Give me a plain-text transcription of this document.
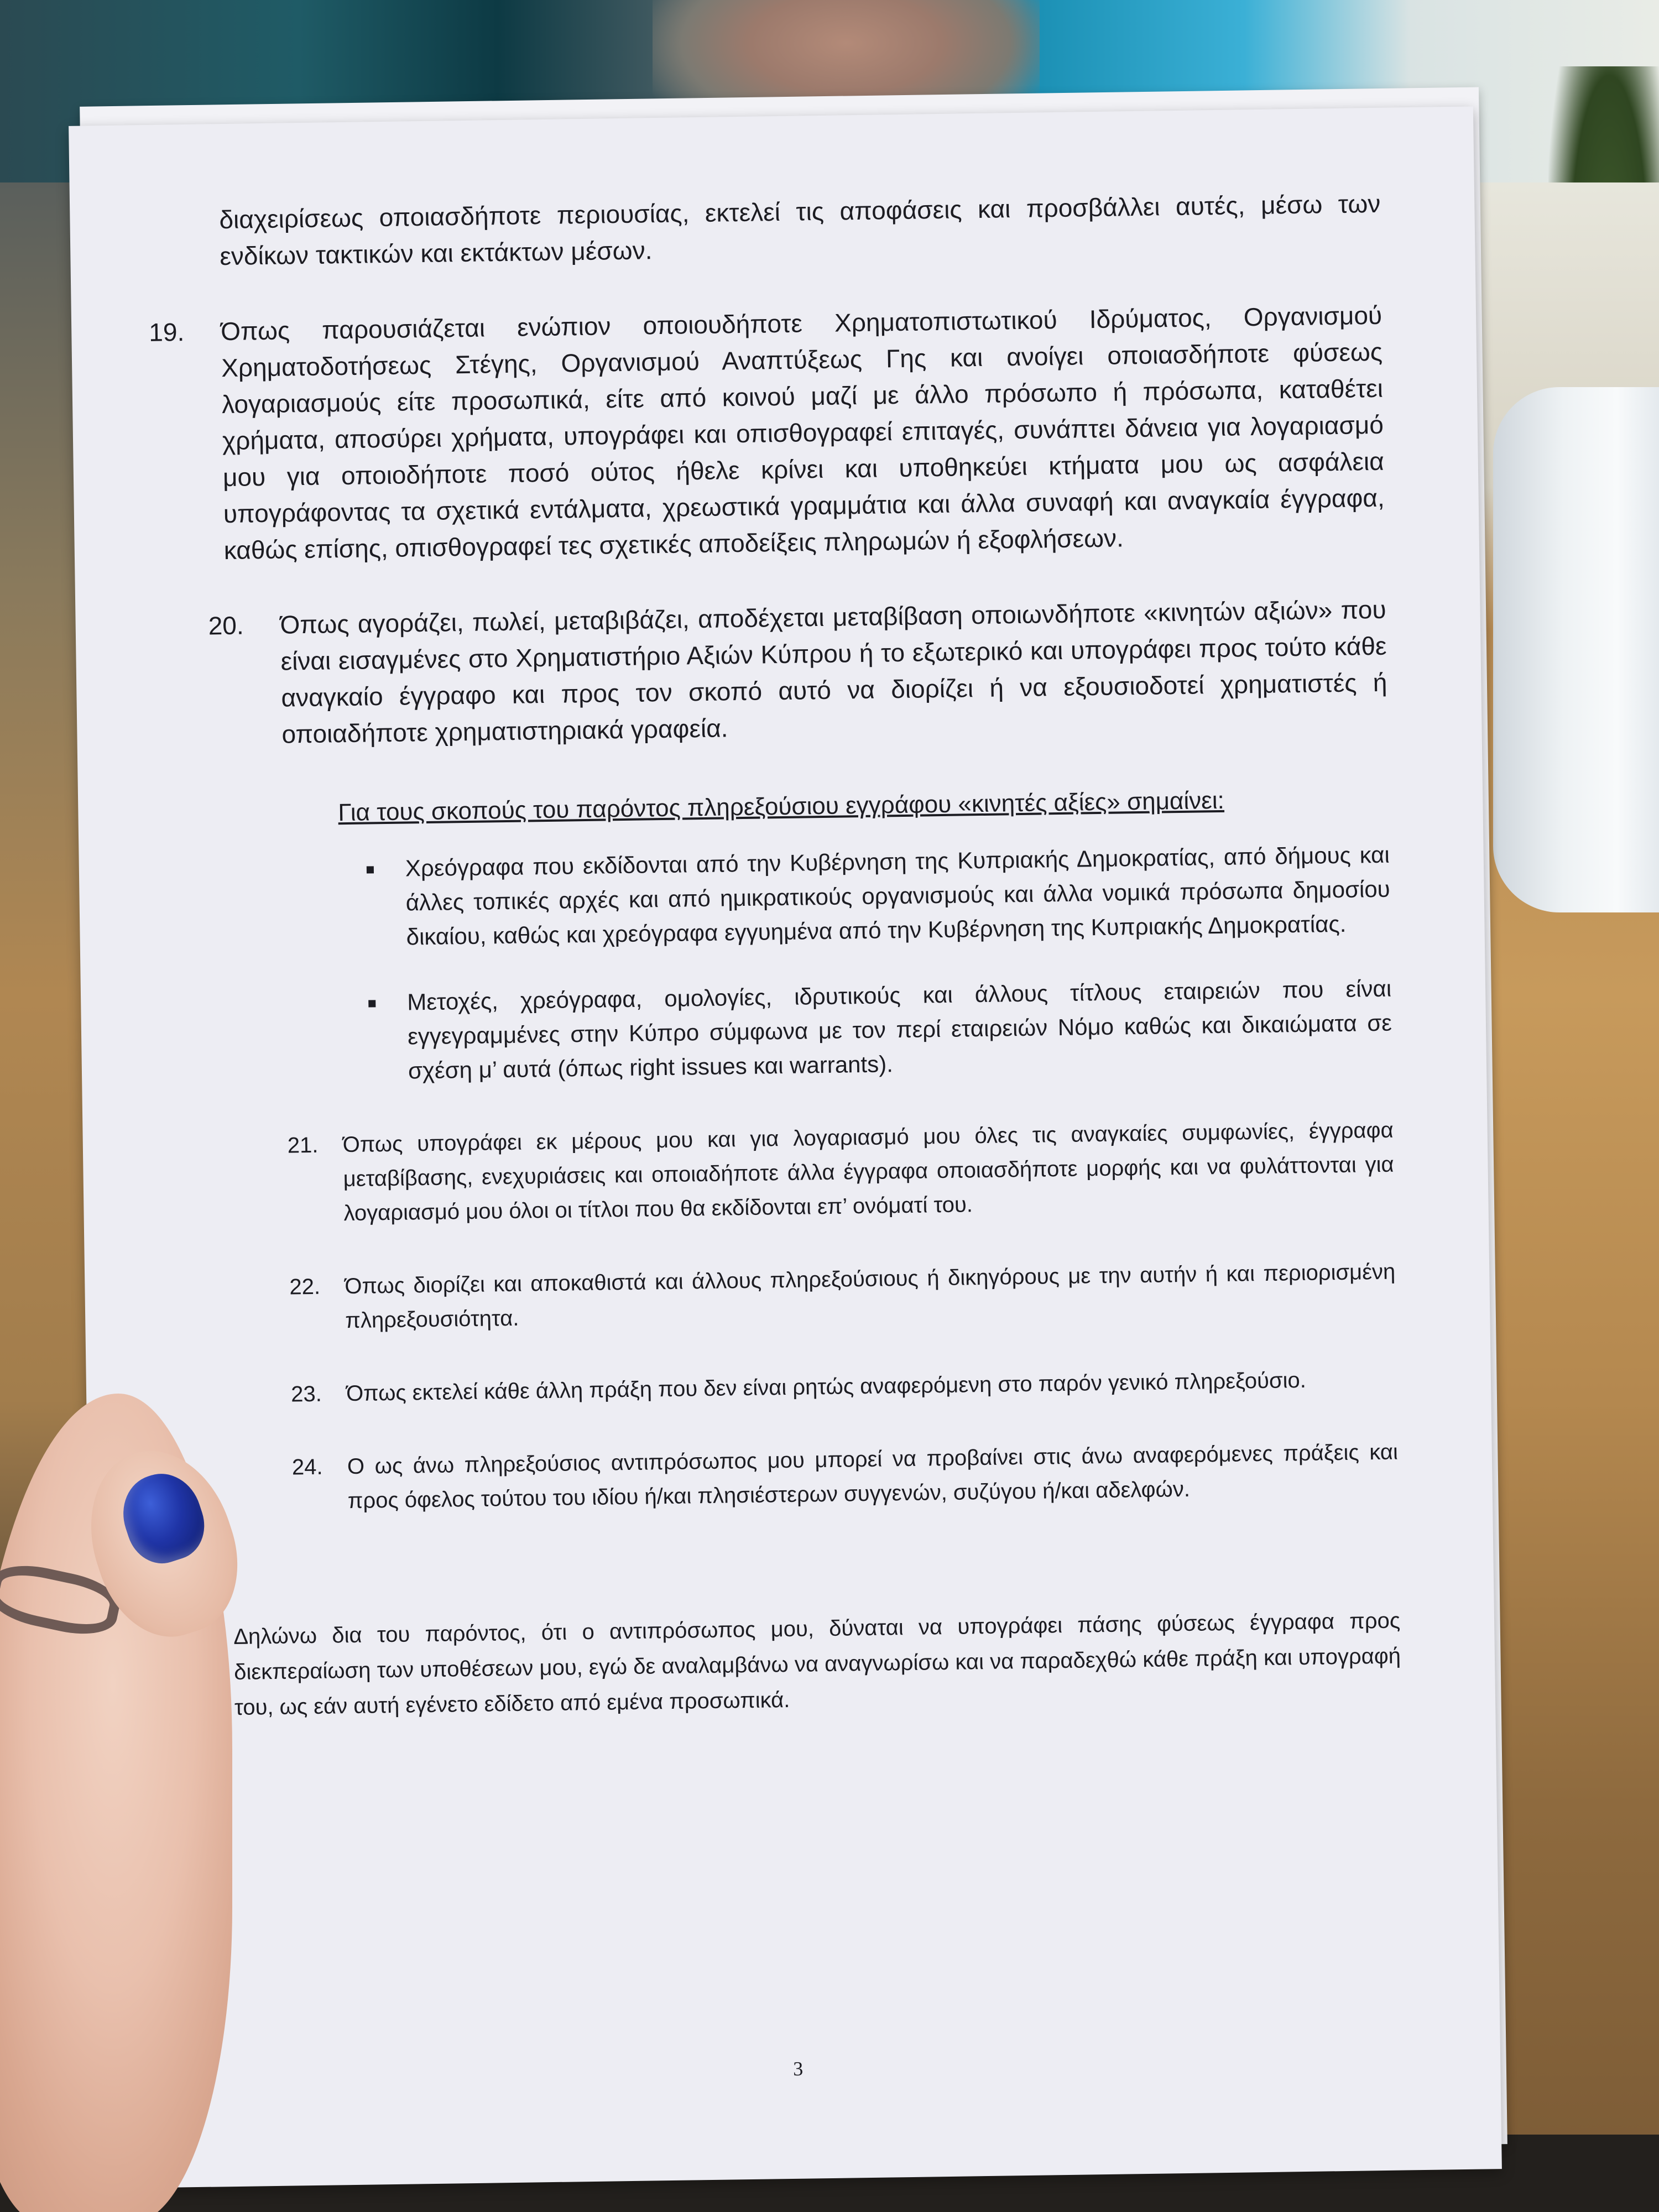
διαχειρίσεως οποιασδήποτε περιουσίας, εκτελεί τις αποφάσεις και προσβάλλει αυτές, μέσω των ενδίκων τακτικών και εκτάκτων μέσων.
19. Όπως παρουσιάζεται ενώπιον οποιουδήποτε Χρηματοπιστωτικού Ιδρύματος, Οργανισμού Χρηματοδοτήσεως Στέγης, Οργανισμού Αναπτύξεως Γης και ανοίγει οποιασδήποτε φύσεως λογαριασμούς είτε προσωπικά, είτε από κοινού μαζί με άλλο πρόσωπο ή πρόσωπα, καταθέτει χρήματα, αποσύρει χρήματα, υπογράφει και οπισθογραφεί επιταγές, συνάπτει δάνεια για λογαριασμό μου για οποιοδήποτε ποσό ούτος ήθελε κρίνει και υποθηκεύει κτήματα μου ως ασφάλεια υπογράφοντας τα σχετικά εντάλματα, χρεωστικά γραμμάτια και άλλα συναφή και αναγκαία έγγραφα, καθώς επίσης, οπισθογραφεί τες σχετικές αποδείξεις πληρωμών ή εξοφλήσεων.
20. Όπως αγοράζει, πωλεί, μεταβιβάζει, αποδέχεται μεταβίβαση οποιωνδήποτε «κινητών αξιών» που είναι εισαγμένες στο Χρηματιστήριο Αξιών Κύπρου ή το εξωτερικό και υπογράφει προς τούτο κάθε αναγκαίο έγγραφο και προς τον σκοπό αυτό να διορίζει ή να εξουσιοδοτεί χρηματιστές ή οποιαδήποτε χρηματιστηριακά γραφεία.
Για τους σκοπούς του παρόντος πληρεξούσιου εγγράφου «κινητές αξίες» σημαίνει:
Χρεόγραφα που εκδίδονται από την Κυβέρνηση της Κυπριακής Δημοκρατίας, από δήμους και άλλες τοπικές αρχές και από ημικρατικούς οργανισμούς και άλλα νομικά πρόσωπα δημοσίου δικαίου, καθώς και χρεόγραφα εγγυημένα από την Κυβέρνηση της Κυπριακής Δημοκρατίας.
Μετοχές, χρεόγραφα, ομολογίες, ιδρυτικούς και άλλους τίτλους εταιρειών που είναι εγγεγραμμένες στην Κύπρο σύμφωνα με τον περί εταιρειών Νόμο καθώς και δικαιώματα σε σχέση μ’ αυτά (όπως right issues και warrants).
21. Όπως υπογράφει εκ μέρους μου και για λογαριασμό μου όλες τις αναγκαίες συμφωνίες, έγγραφα μεταβίβασης, ενεχυριάσεις και οποιαδήποτε άλλα έγγραφα οποιασδήποτε μορφής και να φυλάττονται για λογαριασμό μου όλοι οι τίτλοι που θα εκδίδονται επ’ ονόματί του.
22. Όπως διορίζει και αποκαθιστά και άλλους πληρεξούσιους ή δικηγόρους με την αυτήν ή και περιορισμένη πληρεξουσιότητα.
23. Όπως εκτελεί κάθε άλλη πράξη που δεν είναι ρητώς αναφερόμενη στο παρόν γενικό πληρεξούσιο.
24. Ο ως άνω πληρεξούσιος αντιπρόσωπος μου μπορεί να προβαίνει στις άνω αναφερόμενες πράξεις και προς όφελος τούτου του ιδίου ή/και πλησιέστερων συγγενών, συζύγου ή/και αδελφών.
Δηλώνω δια του παρόντος, ότι ο αντιπρόσωπος μου, δύναται να υπογράφει πάσης φύσεως έγγραφα προς διεκπεραίωση των υποθέσεων μου, εγώ δε αναλαμβάνω να αναγνωρίσω και να παραδεχθώ κάθε πράξη και υπογραφή του, ως εάν αυτή εγένετο εδίδετο από εμένα προσωπικά.
3
